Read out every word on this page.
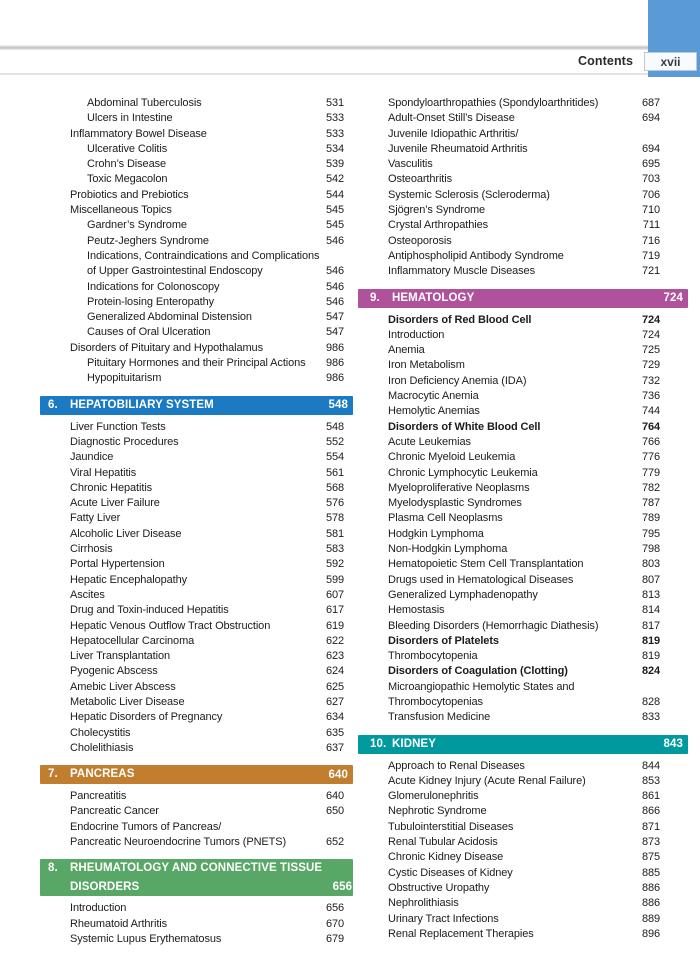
Contents	xvii
Abdominal Tuberculosis	531
Ulcers in Intestine	533
Inflammatory Bowel Disease	533
Ulcerative Colitis	534
Crohn’s Disease	539
Toxic Megacolon	542
Probiotics and Prebiotics	544
Miscellaneous Topics	545
Gardner’s Syndrome	545
Peutz-Jeghers Syndrome	546
Indications, Contraindications and Complications
of Upper Gastrointestinal Endoscopy	546
Indications for Colonoscopy	546
Protein-losing Enteropathy	546
Generalized Abdominal Distension	547
Causes of Oral Ulceration	547
Disorders of Pituitary and Hypothalamus	986
Pituitary Hormones and their Principal Actions	986
Hypopituitarism	986
6.	HEPATOBILIARY SYSTEM	548
Liver Function Tests	548
Diagnostic Procedures	552
Jaundice	554
Viral Hepatitis	561
Chronic Hepatitis	568
Acute Liver Failure	576
Fatty Liver	578
Alcoholic Liver Disease	581
Cirrhosis	583
Portal Hypertension	592
Hepatic Encephalopathy	599
Ascites	607
Drug and Toxin-induced Hepatitis	617
Hepatic Venous Outflow Tract Obstruction	619
Hepatocellular Carcinoma	622
Liver Transplantation	623
Pyogenic Abscess	624
Amebic Liver Abscess	625
Metabolic Liver Disease	627
Hepatic Disorders of Pregnancy	634
Cholecystitis	635
Cholelithiasis	637
7.	PANCREAS	640
Pancreatitis	640
Pancreatic Cancer	650
Endocrine Tumors of Pancreas/
Pancreatic Neuroendocrine Tumors (PNETS)	652
8.	RHEUMATOLOGY AND CONNECTIVE TISSUE
DISORDERS	656
Introduction	656
Rheumatoid Arthritis	670
Systemic Lupus Erythematosus	679
Spondyloarthropathies (Spondyloarthritides)	687
Adult-Onset Still’s Disease	694
Juvenile Idiopathic Arthritis/
Juvenile Rheumatoid Arthritis	694
Vasculitis	695
Osteoarthritis	703
Systemic Sclerosis (Scleroderma)	706
Sjögren’s Syndrome	710
Crystal Arthropathies	711
Osteoporosis	716
Antiphospholipid Antibody Syndrome	719
Inflammatory Muscle Diseases	721
9.	HEMATOLOGY	724
Disorders of Red Blood Cell	724
Introduction	724
Anemia	725
Iron Metabolism	729
Iron Deficiency Anemia (IDA)	732
Macrocytic Anemia	736
Hemolytic Anemias	744
Disorders of White Blood Cell	764
Acute Leukemias	766
Chronic Myeloid Leukemia	776
Chronic Lymphocytic Leukemia	779
Myeloproliferative Neoplasms	782
Myelodysplastic Syndromes	787
Plasma Cell Neoplasms	789
Hodgkin Lymphoma	795
Non-Hodgkin Lymphoma	798
Hematopoietic Stem Cell Transplantation	803
Drugs used in Hematological Diseases	807
Generalized Lymphadenopathy	813
Hemostasis	814
Bleeding Disorders (Hemorrhagic Diathesis)	817
Disorders of Platelets	819
Thrombocytopenia	819
Disorders of Coagulation (Clotting)	824
Microangiopathic Hemolytic States and
Thrombocytopenias	828
Transfusion Medicine	833
10. KIDNEY	843
Approach to Renal Diseases	844
Acute Kidney Injury (Acute Renal Failure)	853
Glomerulonephritis	861
Nephrotic Syndrome	866
Tubulointerstitial Diseases	871
Renal Tubular Acidosis	873
Chronic Kidney Disease	875
Cystic Diseases of Kidney	885
Obstructive Uropathy	886
Nephrolithiasis	886
Urinary Tract Infections	889
Renal Replacement Therapies	896
